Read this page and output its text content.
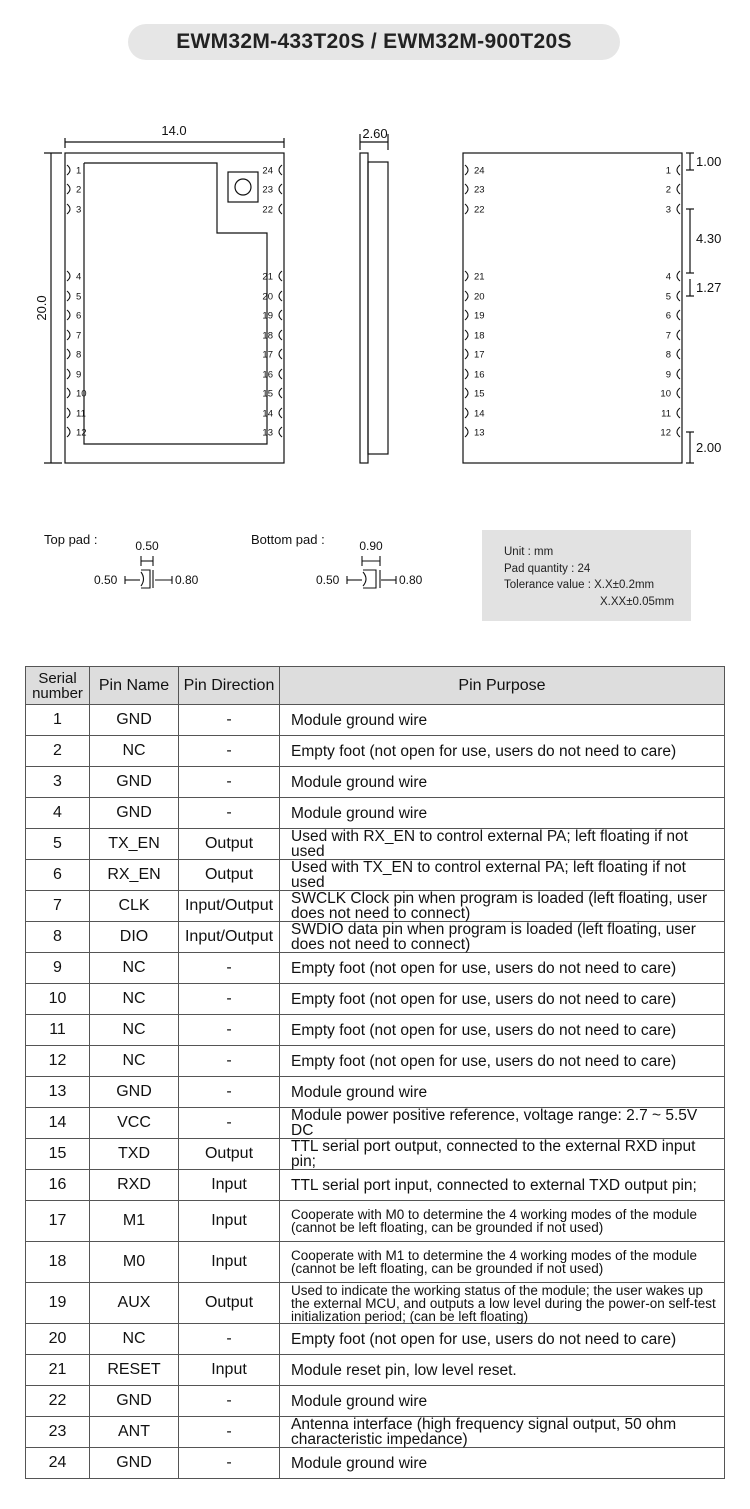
EWM32M-433T20S / EWM32M-900T20S
1
2
3
4
5
6
7
8
9
10
11
12
24
23
22
21
20
19
18
17
16
15
14
13
14.0
20.0
2.60
24
23
22
21
20
19
18
17
16
15
14
13
1
2
3
4
5
6
7
8
9
10
11
12
1.00
4.30
1.27
2.00
Top pad :	0.50
0.50	0.80
Bottom pad :	0.90
0.50	0.80
Unit : mm
Pad quantity : 24
Tolerance value : X.X±0.2mm
X.XX±0.05mm
Serial number	Pin Name	Pin Direction	Pin Purpose
1	GND	-	Module ground wire
2	NC	-	Empty foot (not open for use, users do not need to care)
3	GND	-	Module ground wire
4	GND	-	Module ground wire
5	TX_EN	Output	Used with RX_EN to control external PA; left floating if not used
6	RX_EN	Output	Used with TX_EN to control external PA; left floating if not used
7	CLK	Input/Output	SWCLK Clock pin when program is loaded (left floating, user does not need to connect)
8	DIO	Input/Output	SWDIO data pin when program is loaded (left floating, user does not need to connect)
9	NC	-	Empty foot (not open for use, users do not need to care)
10	NC	-	Empty foot (not open for use, users do not need to care)
11	NC	-	Empty foot (not open for use, users do not need to care)
12	NC	-	Empty foot (not open for use, users do not need to care)
13	GND	-	Module ground wire
14	VCC	-	Module power positive reference, voltage range: 2.7 ~ 5.5V DC
15	TXD	Output	TTL serial port output, connected to the external RXD input pin;
16	RXD	Input	TTL serial port input, connected to external TXD output pin;
17	M1	Input	Cooperate with M0 to determine the 4 working modes of the module (cannot be left floating, can be grounded if not used)
18	M0	Input	Cooperate with M1 to determine the 4 working modes of the module (cannot be left floating, can be grounded if not used)
19	AUX	Output	Used to indicate the working status of the module; the user wakes up the external MCU, and outputs a low level during the power-on self-test initialization period; (can be left floating)
20	NC	-	Empty foot (not open for use, users do not need to care)
21	RESET	Input	Module reset pin, low level reset.
22	GND	-	Module ground wire
23	ANT	-	Antenna interface (high frequency signal output, 50 ohm characteristic impedance)
24	GND	-	Module ground wire
